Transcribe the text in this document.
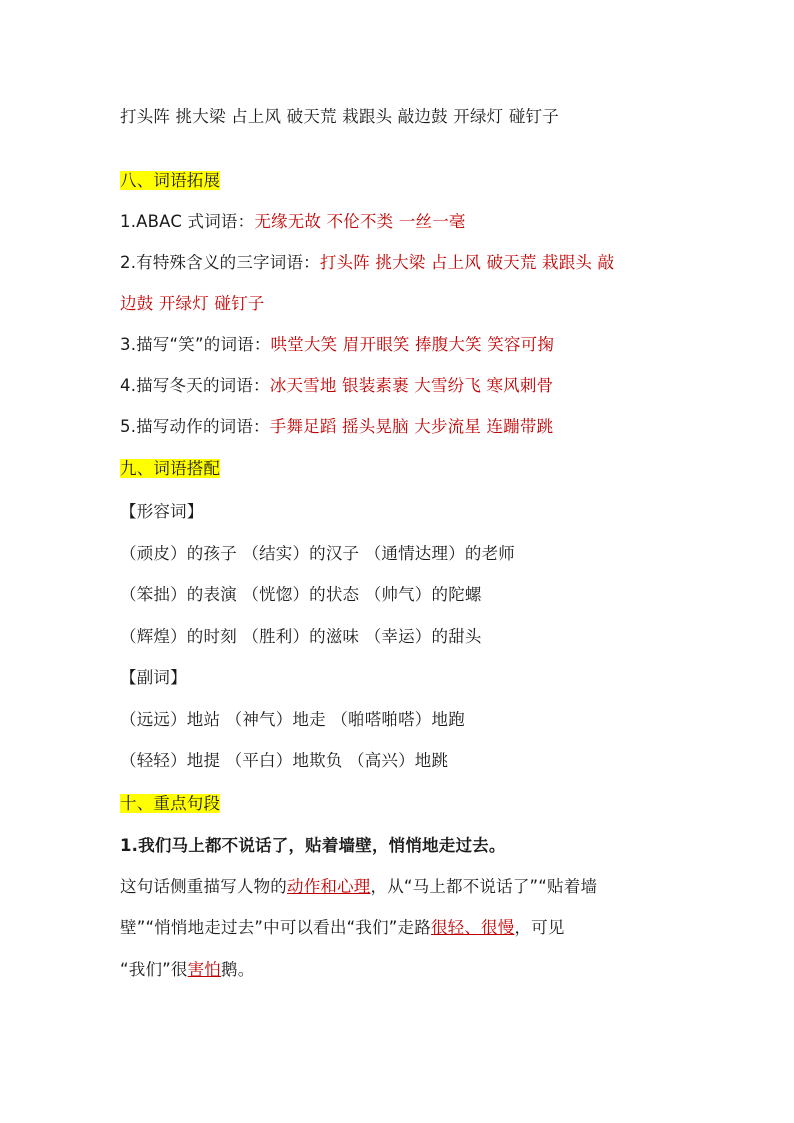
打头阵 挑大梁 占上风 破天荒 栽跟头 敲边鼓 开绿灯 碰钉子
八、词语拓展
1.ABAC 式词语：无缘无故 不伦不类 一丝一毫
2.有特殊含义的三字词语：打头阵 挑大梁 占上风 破天荒 栽跟头 敲
边鼓 开绿灯 碰钉子
3.描写“笑”的词语：哄堂大笑 眉开眼笑 捧腹大笑 笑容可掬
4.描写冬天的词语：冰天雪地 银装素裹 大雪纷飞 寒风刺骨
5.描写动作的词语：手舞足蹈 摇头晃脑 大步流星 连蹦带跳
九、词语搭配
【形容词】
（顽皮）的孩子 （结实）的汉子 （通情达理）的老师
（笨拙）的表演 （恍惚）的状态 （帅气）的陀螺
（辉煌）的时刻 （胜利）的滋味 （幸运）的甜头
【副词】
（远远）地站 （神气）地走 （啪嗒啪嗒）地跑
（轻轻）地提 （平白）地欺负 （高兴）地跳
十、重点句段
1.我们马上都不说话了，贴着墙壁，悄悄地走过去。
这句话侧重描写人物的动作和心理，从“马上都不说话了”“贴着墙
壁”“悄悄地走过去”中可以看出“我们”走路很轻、很慢，可见
“我们”很害怕鹅。
